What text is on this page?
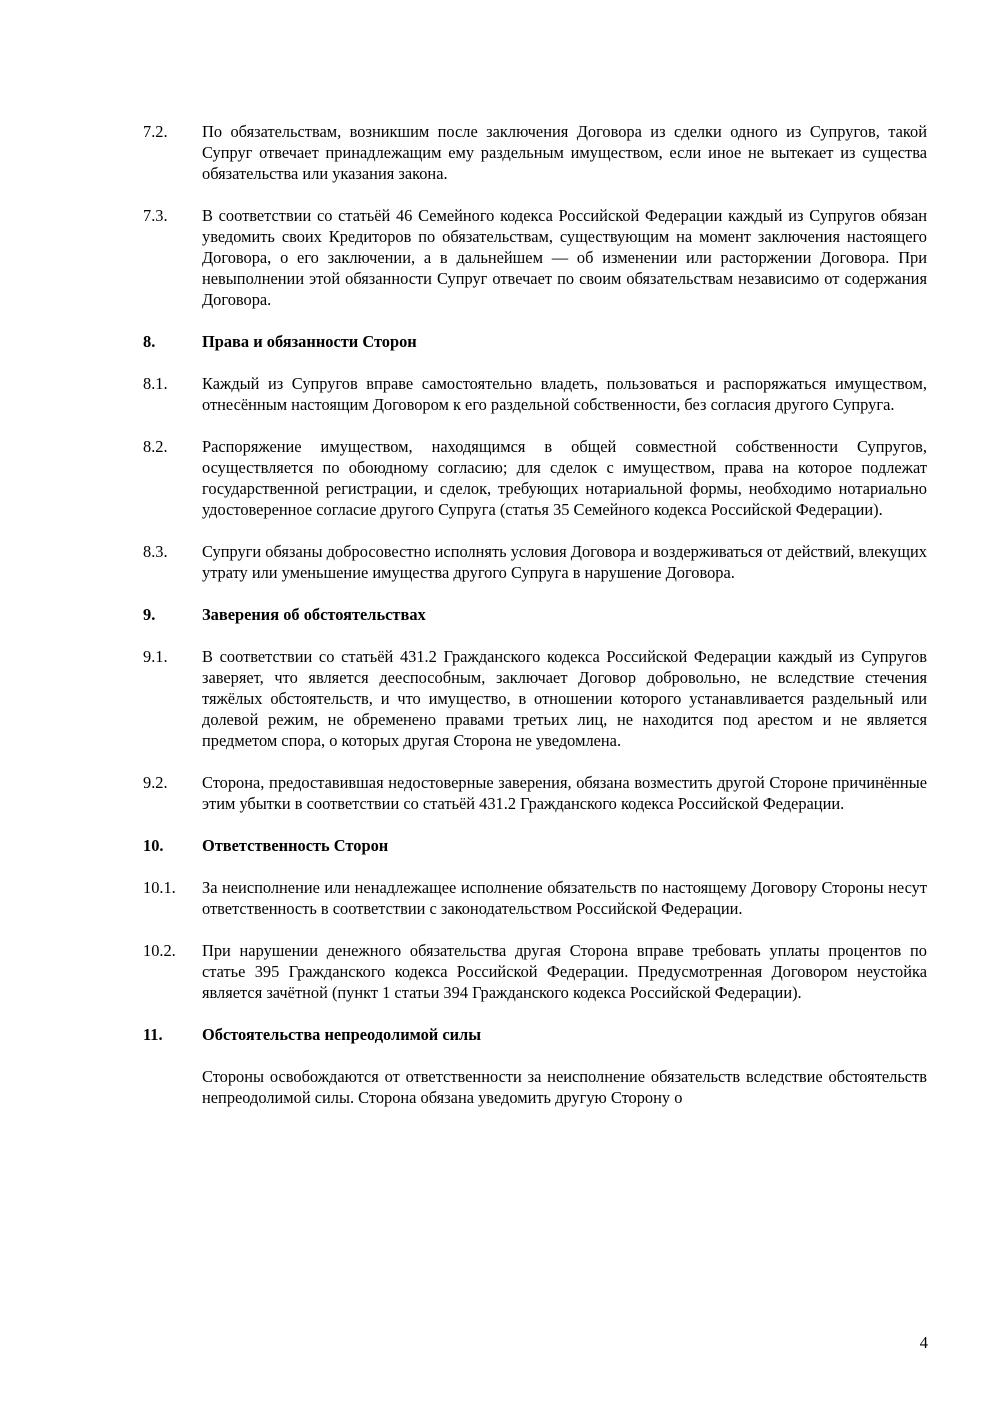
7.2.	По обязательствам, возникшим после заключения Договора из сделки одного из Супругов, такой Супруг отвечает принадлежащим ему раздельным имуществом, если иное не вытекает из существа обязательства или указания закона.
7.3.	В соответствии со статьёй 46 Семейного кодекса Российской Федерации каждый из Супругов обязан уведомить своих Кредиторов по обязательствам, существующим на момент заключения настоящего Договора, о его заключении, а в дальнейшем — об изменении или расторжении Договора. При невыполнении этой обязанности Супруг отвечает по своим обязательствам независимо от содержания Договора.
8.	Права и обязанности Сторон
8.1.	Каждый из Супругов вправе самостоятельно владеть, пользоваться и распоряжаться имуществом, отнесённым настоящим Договором к его раздельной собственности, без согласия другого Супруга.
8.2.	Распоряжение имуществом, находящимся в общей совместной собственности Супругов, осуществляется по обоюдному согласию; для сделок с имуществом, права на которое подлежат государственной регистрации, и сделок, требующих нотариальной формы, необходимо нотариально удостоверенное согласие другого Супруга (статья 35 Семейного кодекса Российской Федерации).
8.3.	Супруги обязаны добросовестно исполнять условия Договора и воздерживаться от действий, влекущих утрату или уменьшение имущества другого Супруга в нарушение Договора.
9.	Заверения об обстоятельствах
9.1.	В соответствии со статьёй 431.2 Гражданского кодекса Российской Федерации каждый из Супругов заверяет, что является дееспособным, заключает Договор добровольно, не вследствие стечения тяжёлых обстоятельств, и что имущество, в отношении которого устанавливается раздельный или долевой режим, не обременено правами третьих лиц, не находится под арестом и не является предметом спора, о которых другая Сторона не уведомлена.
9.2.	Сторона, предоставившая недостоверные заверения, обязана возместить другой Стороне причинённые этим убытки в соответствии со статьёй 431.2 Гражданского кодекса Российской Федерации.
10.	Ответственность Сторон
10.1.	За неисполнение или ненадлежащее исполнение обязательств по настоящему Договору Стороны несут ответственность в соответствии с законодательством Российской Федерации.
10.2.	При нарушении денежного обязательства другая Сторона вправе требовать уплаты процентов по статье 395 Гражданского кодекса Российской Федерации. Предусмотренная Договором неустойка является зачётной (пункт 1 статьи 394 Гражданского кодекса Российской Федерации).
11.	Обстоятельства непреодолимой силы
Стороны освобождаются от ответственности за неисполнение обязательств вследствие обстоятельств непреодолимой силы. Сторона обязана уведомить другую Сторону о
4
